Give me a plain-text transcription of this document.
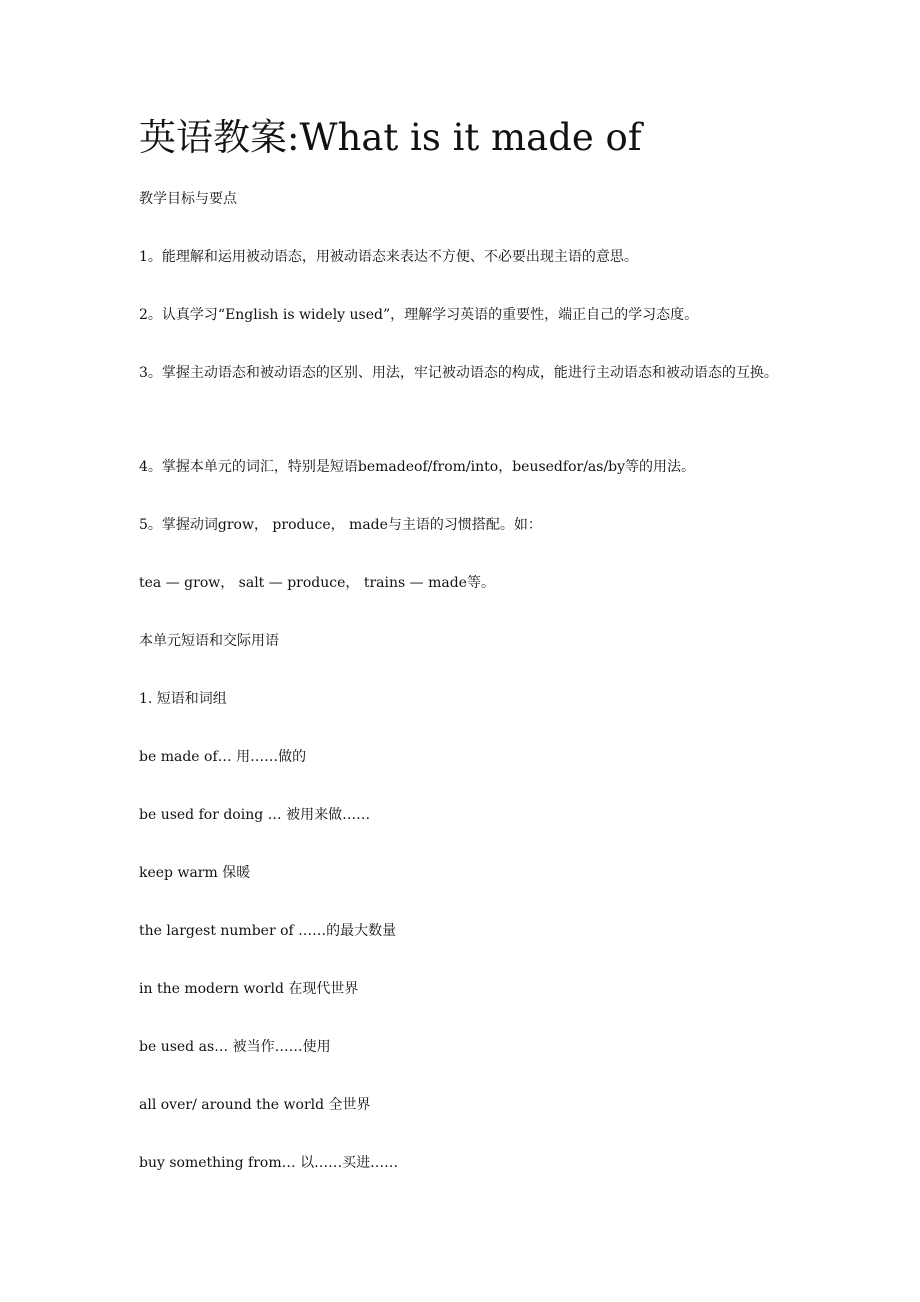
英语教案:What is it made of

教学目标与要点

1。能理解和运用被动语态，用被动语态来表达不方便、不必要出现主语的意思。

2。认真学习“English is widely used”，理解学习英语的重要性，端正自己的学习态度。

3。掌握主动语态和被动语态的区别、用法，牢记被动语态的构成，能进行主动语态和被动语态的互换。

4。掌握本单元的词汇，特别是短语bemadeof/from/into，beusedfor/as/by等的用法。

5。掌握动词grow， produce， made与主语的习惯搭配。如：

tea — grow， salt — produce， trains — made等。

本单元短语和交际用语

1. 短语和词组

be made of… 用……做的

be used for doing … 被用来做……

keep warm 保暖

the largest number of ……的最大数量

in the modern world 在现代世界

be used as… 被当作……使用

all over/ around the world 全世界

buy something from… 以……买进……
